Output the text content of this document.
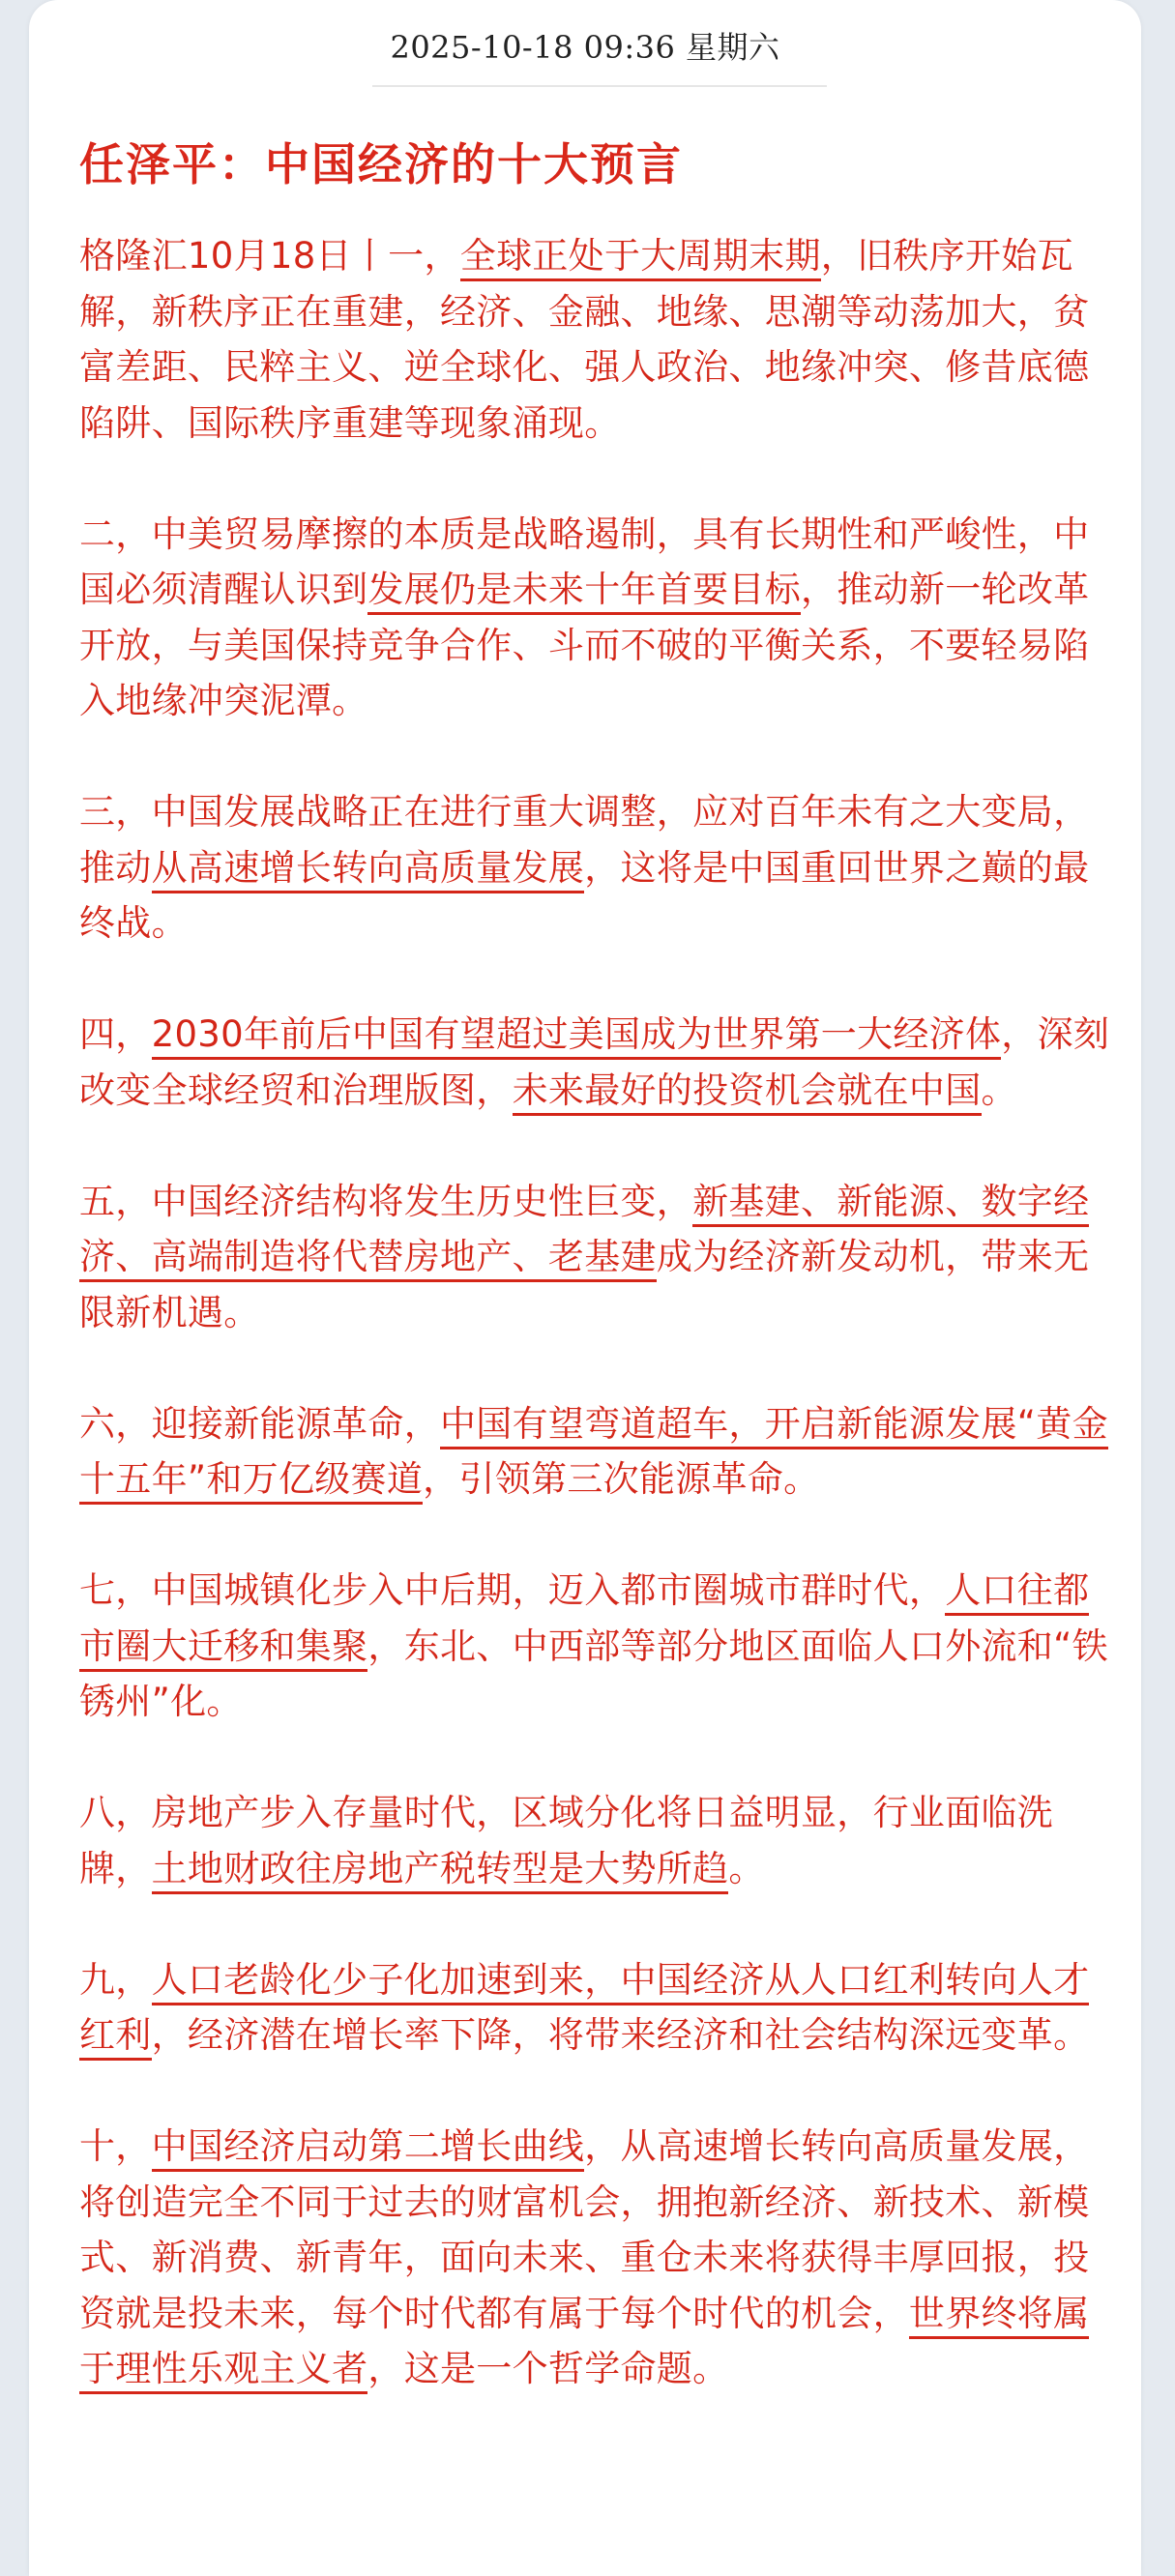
2025-10-18 09:36 星期六
任泽平：中国经济的十大预言

格隆汇10月18日丨一，全球正处于大周期末期，旧秩序开始瓦解，新秩序正在重建，经济、金融、地缘、思潮等动荡加大，贫富差距、民粹主义、逆全球化、强人政治、地缘冲突、修昔底德陷阱、国际秩序重建等现象涌现。

二，中美贸易摩擦的本质是战略遏制，具有长期性和严峻性，中国必须清醒认识到发展仍是未来十年首要目标，推动新一轮改革开放，与美国保持竞争合作、斗而不破的平衡关系，不要轻易陷入地缘冲突泥潭。

三，中国发展战略正在进行重大调整，应对百年未有之大变局，推动从高速增长转向高质量发展，这将是中国重回世界之巅的最终战。

四，2030年前后中国有望超过美国成为世界第一大经济体，深刻改变全球经贸和治理版图，未来最好的投资机会就在中国。

五，中国经济结构将发生历史性巨变，新基建、新能源、数字经济、高端制造将代替房地产、老基建成为经济新发动机，带来无限新机遇。

六，迎接新能源革命，中国有望弯道超车，开启新能源发展“黄金十五年”和万亿级赛道，引领第三次能源革命。

七，中国城镇化步入中后期，迈入都市圈城市群时代，人口往都市圈大迁移和集聚，东北、中西部等部分地区面临人口外流和“铁锈州”化。

八，房地产步入存量时代，区域分化将日益明显，行业面临洗牌，土地财政往房地产税转型是大势所趋。

九，人口老龄化少子化加速到来，中国经济从人口红利转向人才红利，经济潜在增长率下降，将带来经济和社会结构深远变革。

十，中国经济启动第二增长曲线，从高速增长转向高质量发展，将创造完全不同于过去的财富机会，拥抱新经济、新技术、新模式、新消费、新青年，面向未来、重仓未来将获得丰厚回报，投资就是投未来，每个时代都有属于每个时代的机会，世界终将属于理性乐观主义者，这是一个哲学命题。
